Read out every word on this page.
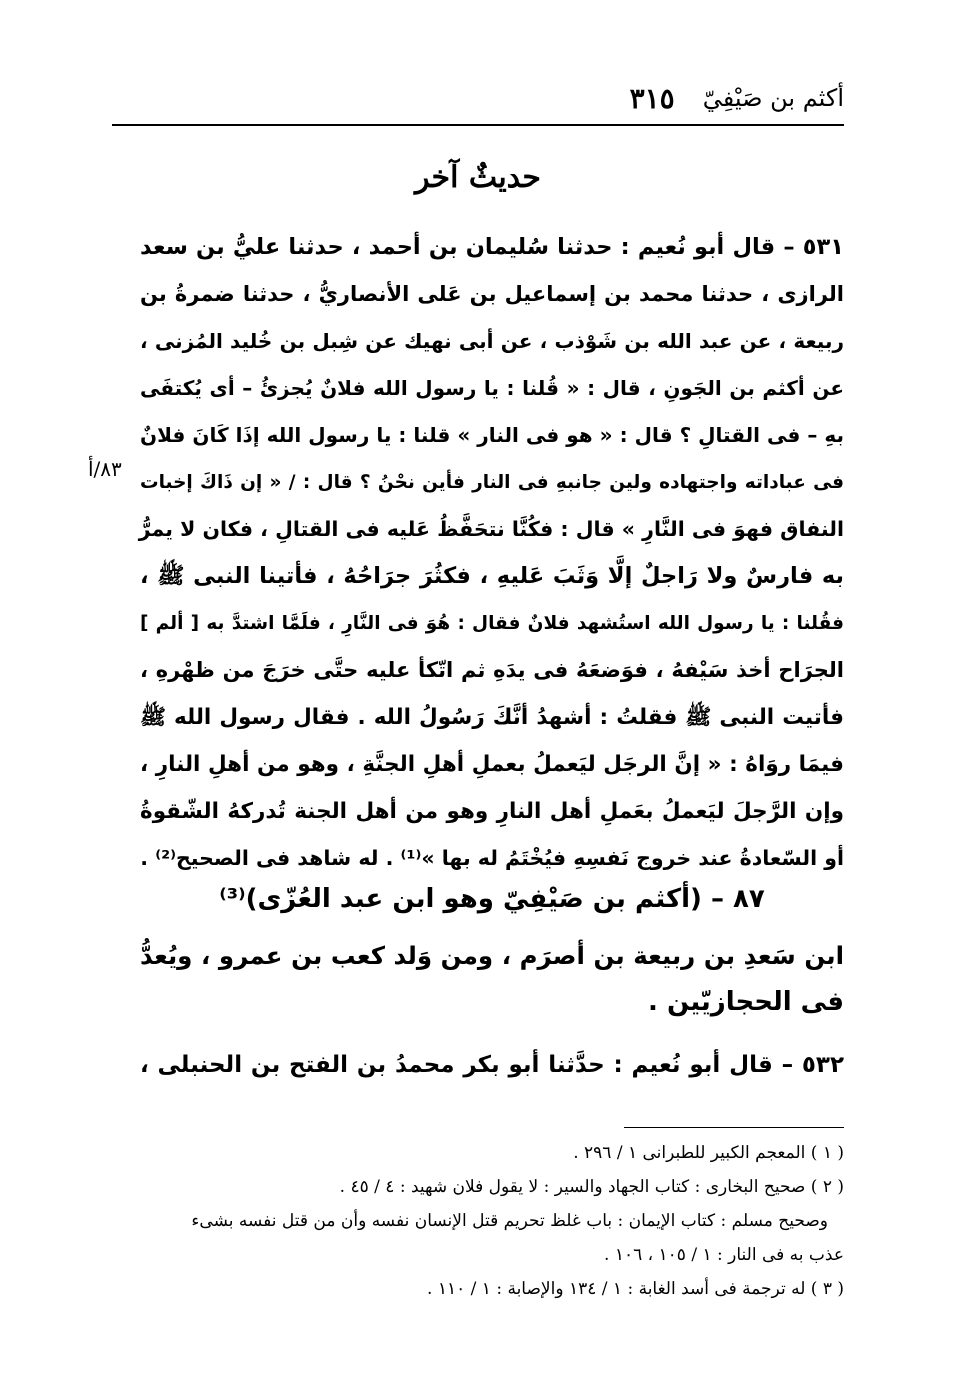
أكثم بن صَيْفِيّ
٣١٥
حديثٌ آخر
٥٣١ – قال أبو نُعيم : حدثنا سُليمان بن أحمد ، حدثنا عليُّ بن سعد
الرازى ، حدثنا محمد بن إسماعيل بن عَلى الأنصاريُّ ، حدثنا ضمرةُ بن
ربيعة ، عن عبد الله بن شَوْذب ، عن أبى نهيك عن شِبل بن خُليد المُزنى ،
عن أكثم بن الجَونِ ، قال : « قُلنا : يا رسول الله فلانٌ يُجزئُ – أى يُكتفَى
بهِ – فى القتالِ ؟ قال : « هو فى النار » قلنا : يا رسول الله إذَا كَانَ فلانٌ
فى عباداته واجتهاده ولين جانبهِ فى النار فأين نحْنُ ؟ قال : / « إن ذَاكَ إخبات
النفاق فهوَ فى النَّارِ » قال : فكُنَّا نتحَفَّظُ عَليه فى القتالِ ، فكان لا يمرُّ
به فارسٌ ولا رَاجلٌ إلَّا وَثَبَ عَليهِ ، فكثُرَ جرَاحُهُ ، فأتينا النبى ﷺ ،
فقُلنا : يا رسول الله استُشهد فلانٌ فقال : هُوَ فى النَّارِ ، فلَمَّا اشتدَّ به [ ألم ]
الجرَاح أخذ سَيْفهُ ، فوَضعَهُ فى يدَهِ ثم اتّكأ عليه حتَّى خرَجَ من ظهْرهِ ،
فأتيت النبى ﷺ فقلتُ : أشهدُ أنَّكَ رَسُولُ الله . فقال رسول الله ﷺ
فيمَا روَاهُ : « إنَّ الرجَل ليَعملُ بعملِ أهلِ الجنَّةِ ، وهو من أهلِ النارِ ،
وإن الرَّجلَ ليَعملُ بعَملِ أهل النارِ وهو من أهل الجنة تُدركهُ الشّقوةُ
أو السّعادةُ عند خروج نَفسِهِ فيُخْتَمُ له بها »⁽¹⁾ . له شاهد فى الصحيح⁽²⁾ .
٨٣/أ
٨٧ – (أكثم بن صَيْفِيّ وهو ابن عبد العُزّى)⁽³⁾
ابن سَعدِ بن ربيعة بن أصرَم ، ومن وَلد كعب بن عمرو ، ويُعدُّ
فى الحجازيّين .
٥٣٢ – قال أبو نُعيم : حدَّثنا أبو بكر محمدُ بن الفتح بن الحنبلى ،
( ١ ) المعجم الكبير للطبرانى ١ / ٢٩٦ .
( ٢ ) صحيح البخارى : كتاب الجهاد والسير : لا يقول فلان شهيد : ٤ / ٤٥ .
وصحيح مسلم : كتاب الإيمان : باب غلظ تحريم قتل الإنسان نفسه وأن من قتل نفسه بشىء
عذب به فى النار : ١ / ١٠٥ ، ١٠٦ .
( ٣ ) له ترجمة فى أسد الغابة : ١ / ١٣٤ والإصابة : ١ / ١١٠ .
